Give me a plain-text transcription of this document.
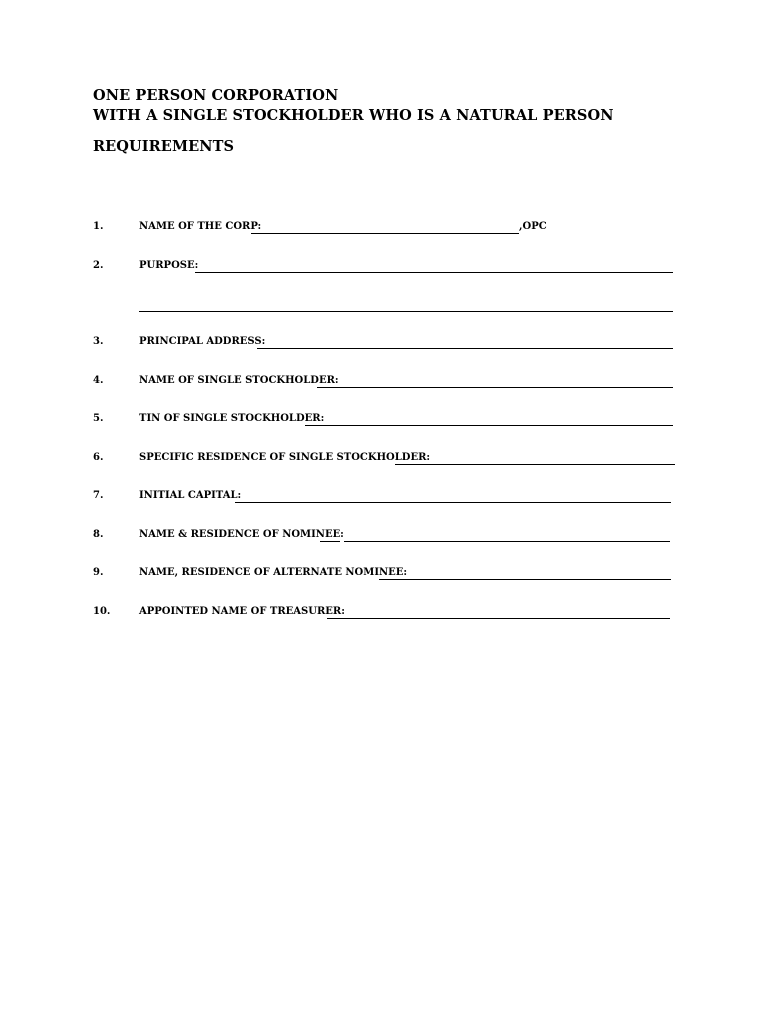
ONE PERSON CORPORATION
WITH A SINGLE STOCKHOLDER WHO IS A NATURAL PERSON
REQUIREMENTS
1.	NAME OF THE CORP:	,OPC
2.	PURPOSE:
3.	PRINCIPAL ADDRESS:
4.	NAME OF SINGLE STOCKHOLDER:
5.	TIN OF SINGLE STOCKHOLDER:
6.	SPECIFIC RESIDENCE OF SINGLE STOCKHOLDER:
7.	INITIAL CAPITAL:
8.	NAME & RESIDENCE OF NOMINEE:
9.	NAME, RESIDENCE OF ALTERNATE NOMINEE:
10.	APPOINTED NAME OF TREASURER:
